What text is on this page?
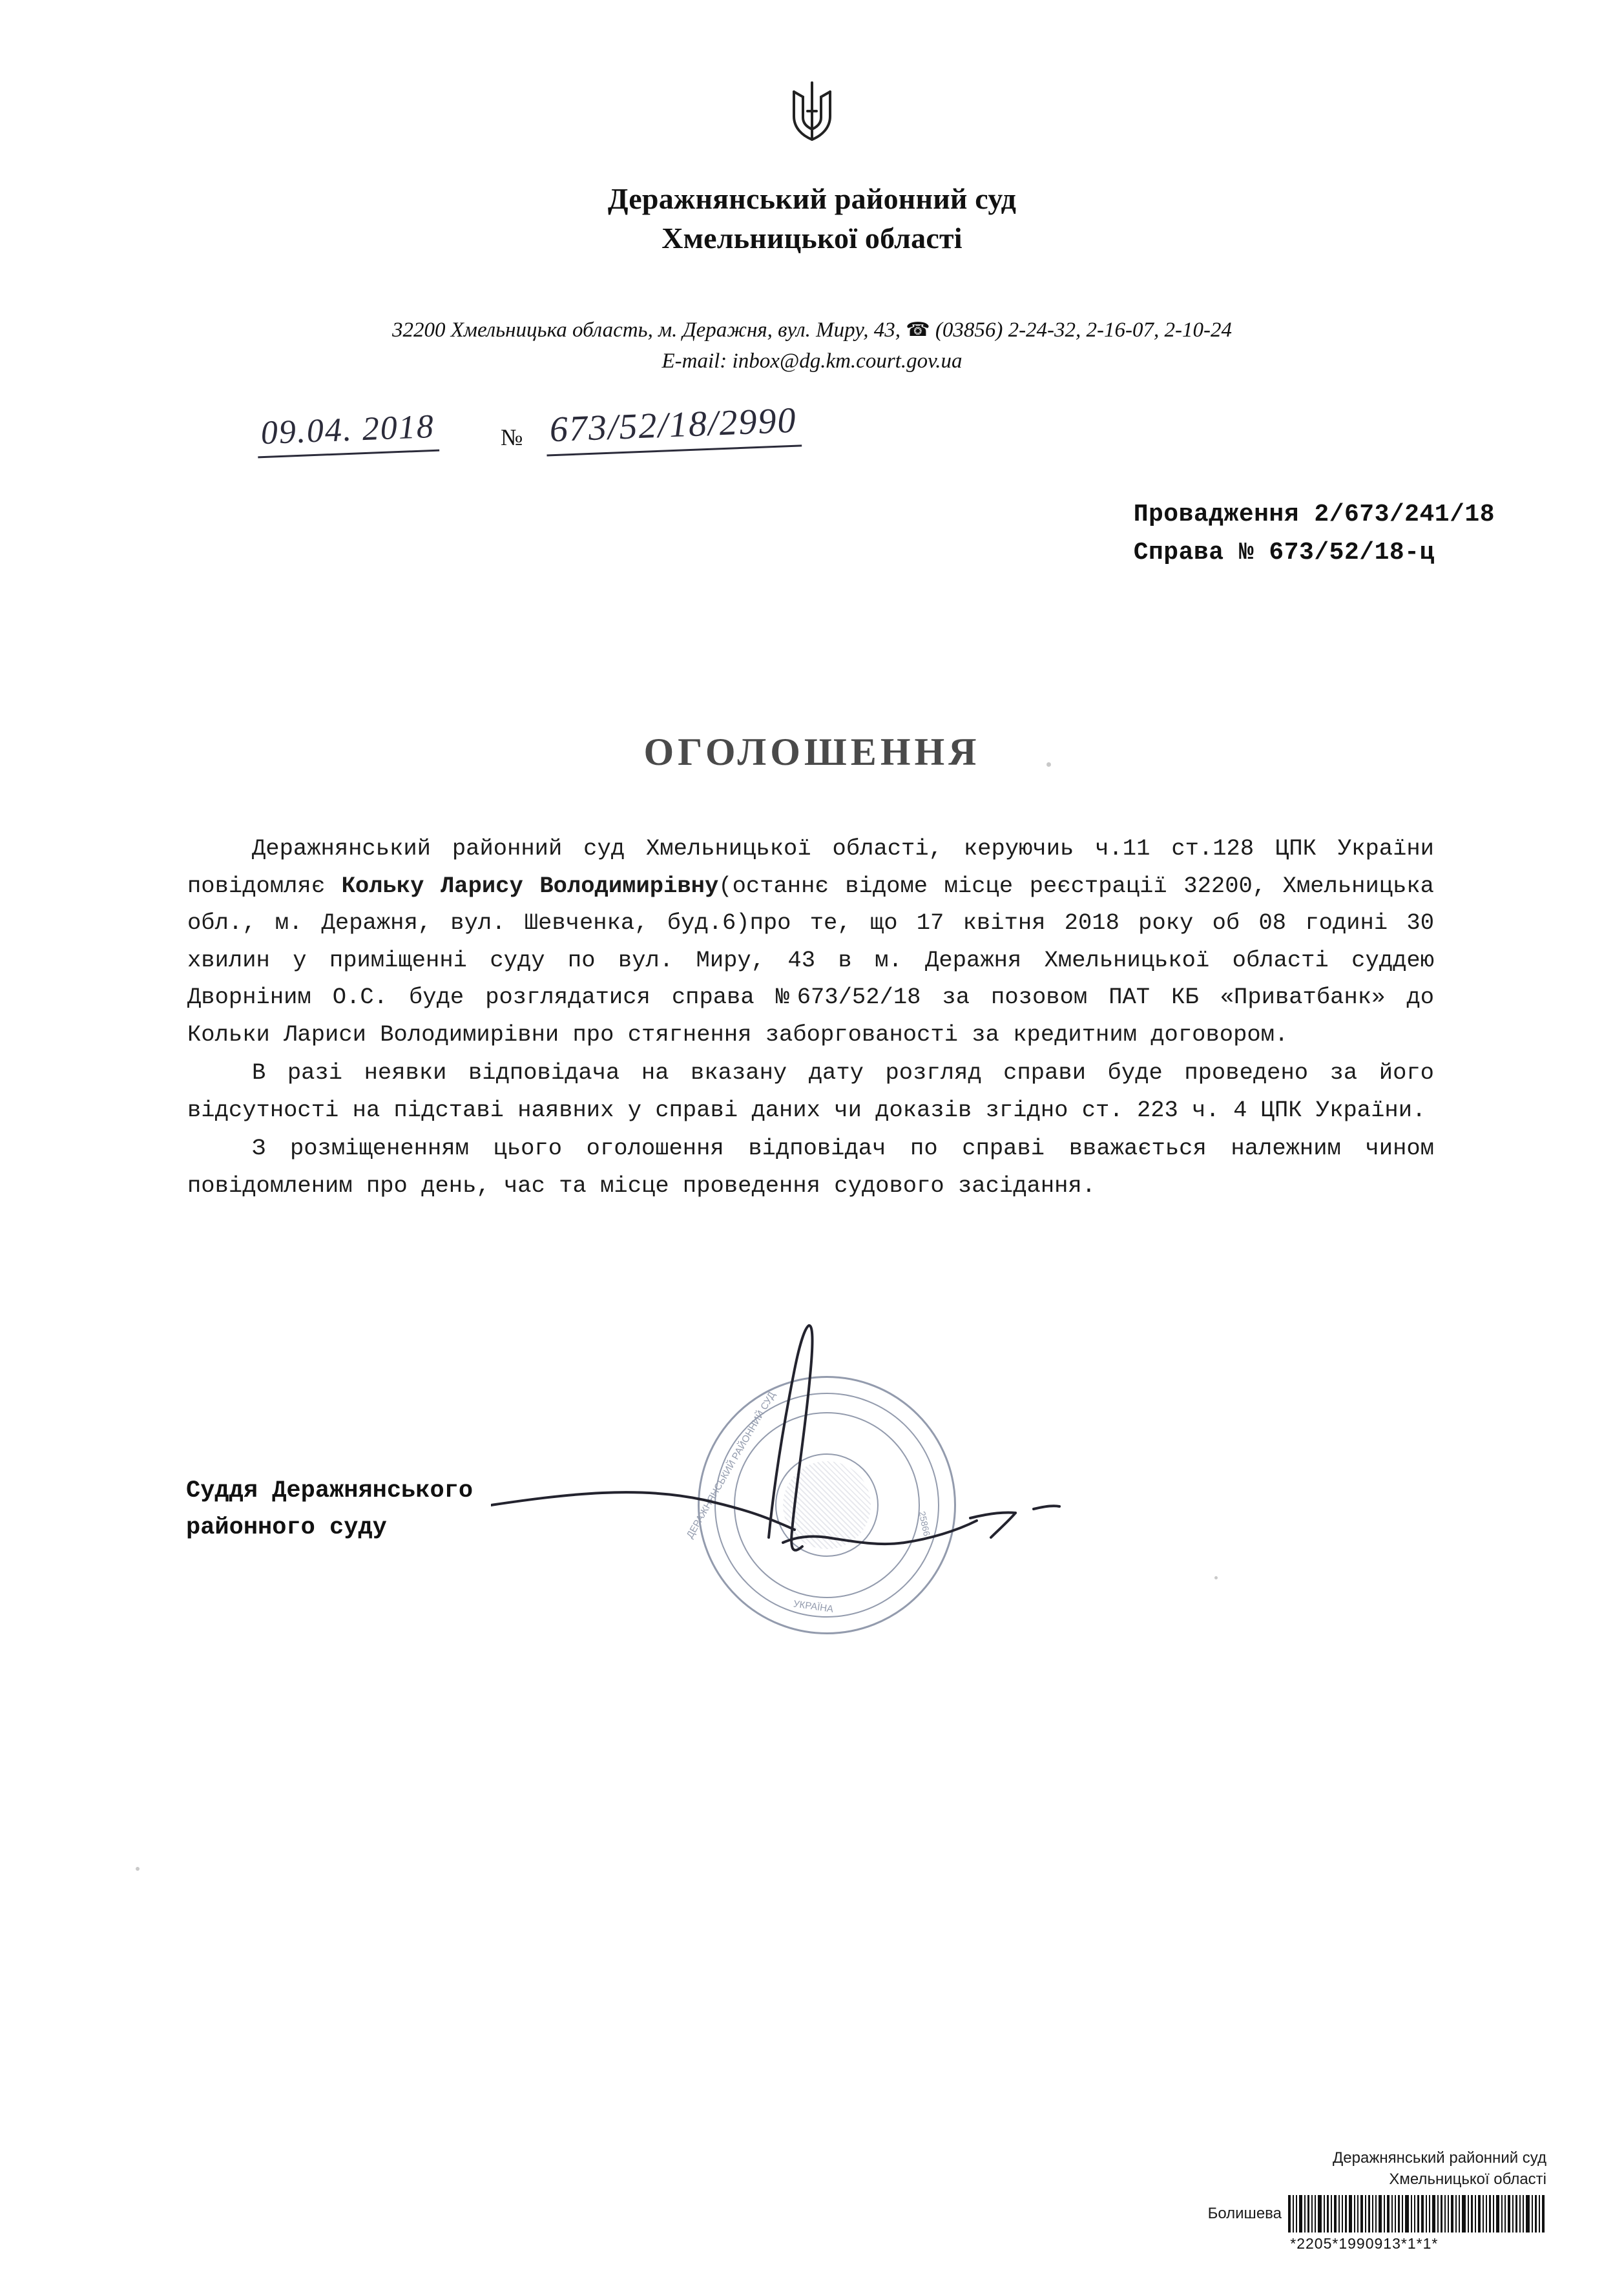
Деражнянський районний суд
Хмельницької області
32200 Хмельницька область, м. Деражня, вул. Миру, 43, ☎ (03856) 2-24-32, 2-16-07, 2-10-24
E-mail: inbox@dg.km.court.gov.ua
09.04. 2018	№ 673/52/18/2990
Провадження 2/673/241/18
Справа № 673/52/18-ц
ОГОЛОШЕННЯ

Деражнянський районний суд Хмельницької області, керуючиь ч.11 ст.128 ЦПК України повідомляє Кольку Ларису Володимирівну(останнє відоме місце реєстрації 32200, Хмельницька обл., м. Деражня, вул. Шевченка, буд.6)про те, що 17 квітня 2018 року об 08 годині 30 хвилин у приміщенні суду по вул. Миру, 43 в м. Деражня Хмельницької області суддею Дворніним О.С. буде розглядатися справа №673/52/18 за позовом ПАТ КБ «Приватбанк» до Кольки Лариси Володимирівни про стягнення заборгованості за кредитним договором.

В разі неявки відповідача на вказану дату розгляд справи буде проведено за його відсутності на підставі наявних у справі даних чи доказів згідно ст. 223 ч. 4 ЦПК України.

З розміщененням цього оголошення відповідач по справі вважається належним чином повідомленим про день, час та місце проведення судового засідання.

Суддя Деражнянського
районного суду	ДЕРАЖНЯНСЬКИЙ РАЙОННИЙ СУД
УКРАЇНА
25866
Деражнянський районний суд
Хмельницької області
Болишева
*2205*1990913*1*1*
